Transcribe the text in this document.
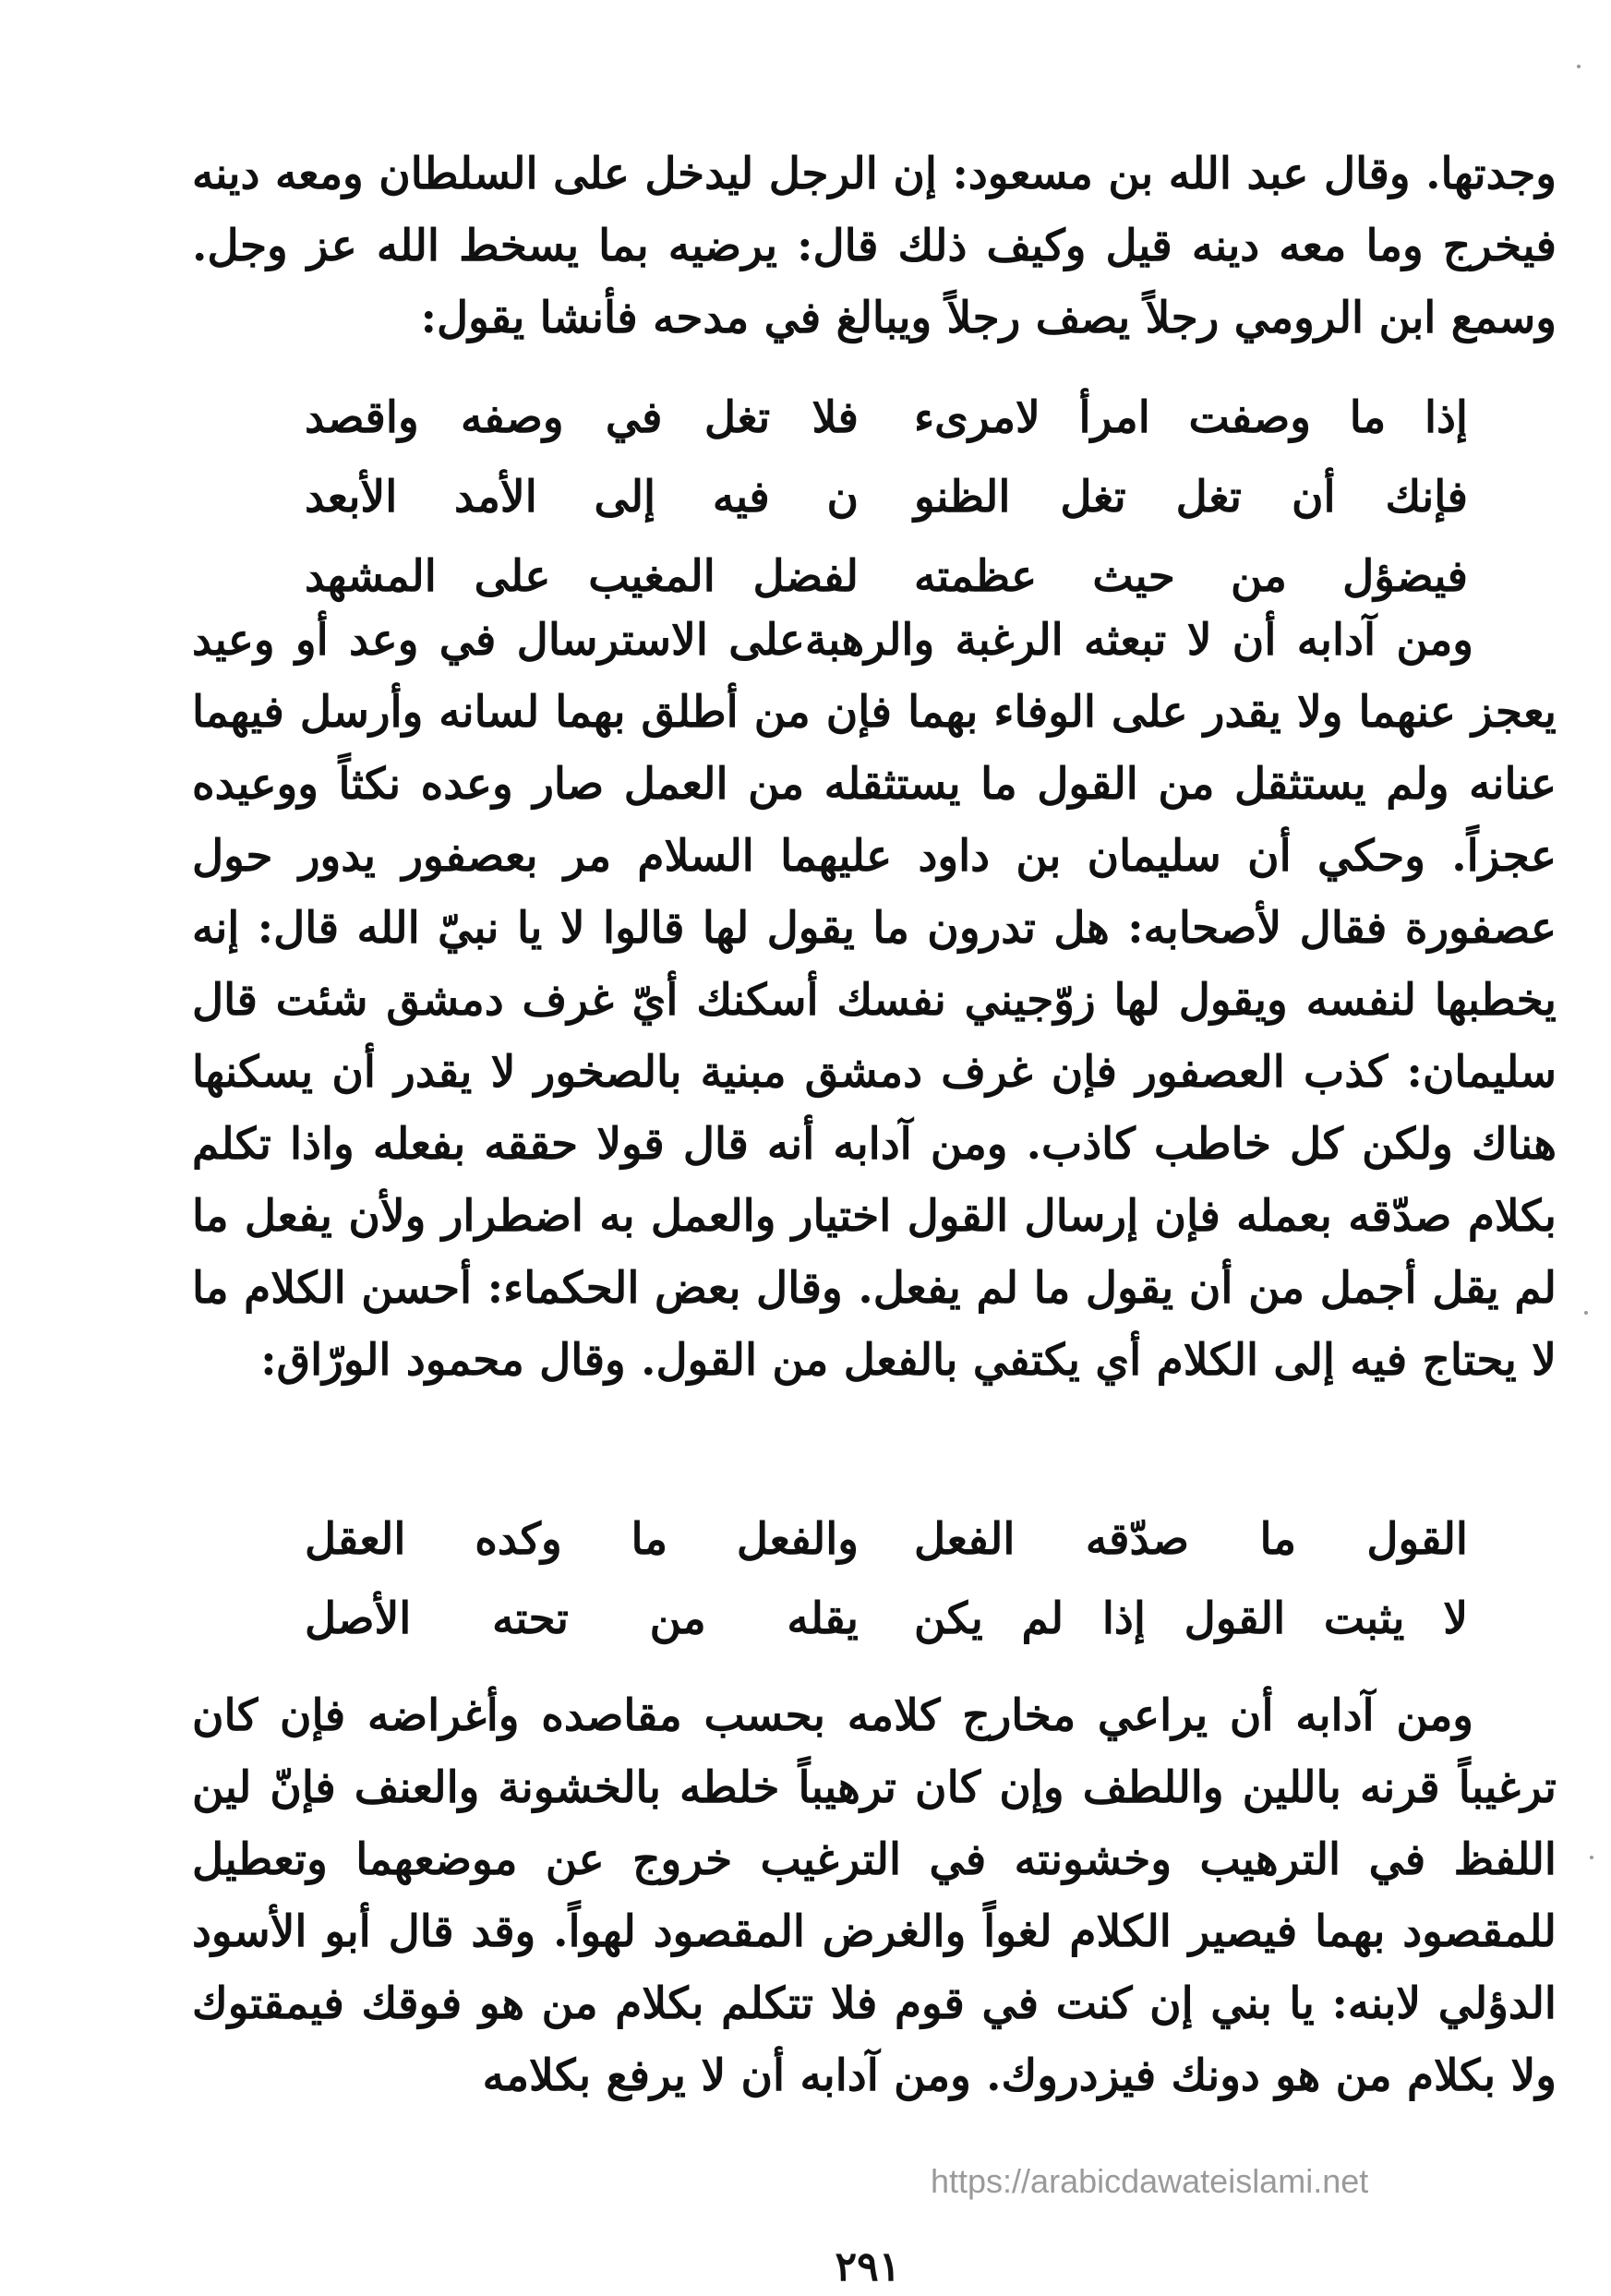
وجدتها. وقال عبد الله بن مسعود: إن الرجل ليدخل على السلطان ومعه دينه فيخرج وما معه دينه قيل وكيف ذلك قال: يرضيه بما يسخط الله عز وجل. وسمع ابن الرومي رجلاً يصف رجلاً ويبالغ في مدحه فأنشا يقول:

إذا ما وصفت امرأ لامرىء
فلا تغل في وصفه واقصد
فإنك أن تغل تغل الظنو
ن فيه إلى الأمد الأبعد
فيضؤل من حيث عظمته
لفضل المغيب على المشهد

ومن آدابه أن لا تبعثه الرغبة والرهبةعلى الاسترسال في وعد أو وعيد يعجز عنهما ولا يقدر على الوفاء بهما فإن من أطلق بهما لسانه وأرسل فيهما عنانه ولم يستثقل من القول ما يستثقله من العمل صار وعده نكثاً ووعيده عجزاً. وحكي أن سليمان بن داود عليهما السلام مر بعصفور يدور حول عصفورة فقال لأصحابه: هل تدرون ما يقول لها قالوا لا يا نبيّ الله قال: إنه يخطبها لنفسه ويقول لها زوّجيني نفسك أسكنك أيّ غرف دمشق شئت قال سليمان: كذب العصفور فإن غرف دمشق مبنية بالصخور لا يقدر أن يسكنها هناك ولكن كل خاطب كاذب. ومن آدابه أنه قال قولا حققه بفعله واذا تكلم بكلام صدّقه بعمله فإن إرسال القول اختيار والعمل به اضطرار ولأن يفعل ما لم يقل أجمل من أن يقول ما لم يفعل. وقال بعض الحكماء: أحسن الكلام ما لا يحتاج فيه إلى الكلام أي يكتفي بالفعل من القول. وقال محمود الورّاق:

القول ما صدّقه الفعل
والفعل ما وكده العقل
لا يثبت القول إذا لم يكن
يقله من تحته الأصل

ومن آدابه أن يراعي مخارج كلامه بحسب مقاصده وأغراضه فإن كان ترغيباً قرنه باللين واللطف وإن كان ترهيباً خلطه بالخشونة والعنف فإنّ لين اللفظ في الترهيب وخشونته في الترغيب خروج عن موضعهما وتعطيل للمقصود بهما فيصير الكلام لغواً والغرض المقصود لهواً. وقد قال أبو الأسود الدؤلي لابنه: يا بني إن كنت في قوم فلا تتكلم بكلام من هو فوقك فيمقتوك ولا بكلام من هو دونك فيزدروك. ومن آدابه أن لا يرفع بكلامه

https://arabicdawateislami.net
٢٩١
